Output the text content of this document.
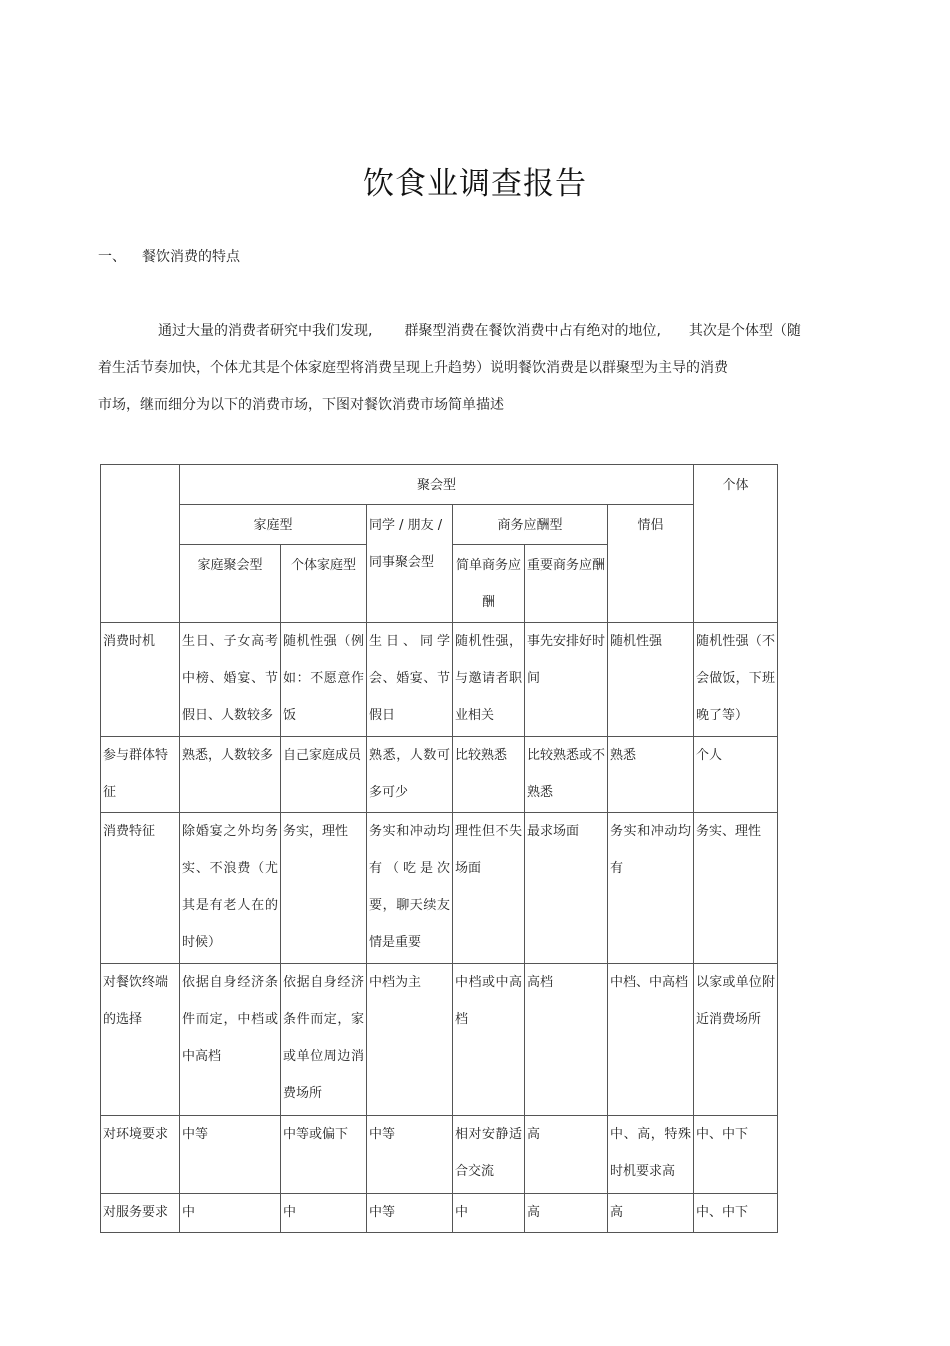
饮食业调查报告
一、 餐饮消费的特点
通过大量的消费者研究中我们发现, 群聚型消费在餐饮消费中占有绝对的地位, 其次是个体型（随
着生活节奏加快，个体尤其是个体家庭型将消费呈现上升趋势）说明餐饮消费是以群聚型为主导的消费
市场，继而细分为以下的消费市场，下图对餐饮消费市场简单描述
	聚会型						个体
	家庭型		同学 / 朋友 / 同事聚会型	商务应酬型		情侣	
	家庭聚会型	个体家庭型		简单商务应酬	重要商务应酬		
消费时机	生日、子女高考中榜、婚宴、节假日、人数较多	随机性强（例如：不愿意作饭	生日、同学会、婚宴、节假日	随机性强，与邀请者职业相关	事先安排好时间	随机性强	随机性强（不会做饭，下班晚了等）
参与群体特征	熟悉，人数较多	自己家庭成员	熟悉，人数可多可少	比较熟悉	比较熟悉或不熟悉	熟悉	个人
消费特征	除婚宴之外均务实、不浪费（尤其是有老人在的时候）	务实，理性	务实和冲动均有（吃是次要，聊天续友情是重要	理性但不失场面	最求场面	务实和冲动均有	务实、理性
对餐饮终端的选择	依据自身经济条件而定，中档或中高档	依据自身经济条件而定，家或单位周边消费场所	中档为主	中档或中高档	高档	中档、中高档	以家或单位附近消费场所
对环境要求	中等	中等或偏下	中等	相对安静适合交流	高	中、高，特殊时机要求高	中、中下
对服务要求	中	中	中等	中	高	高	中、中下
